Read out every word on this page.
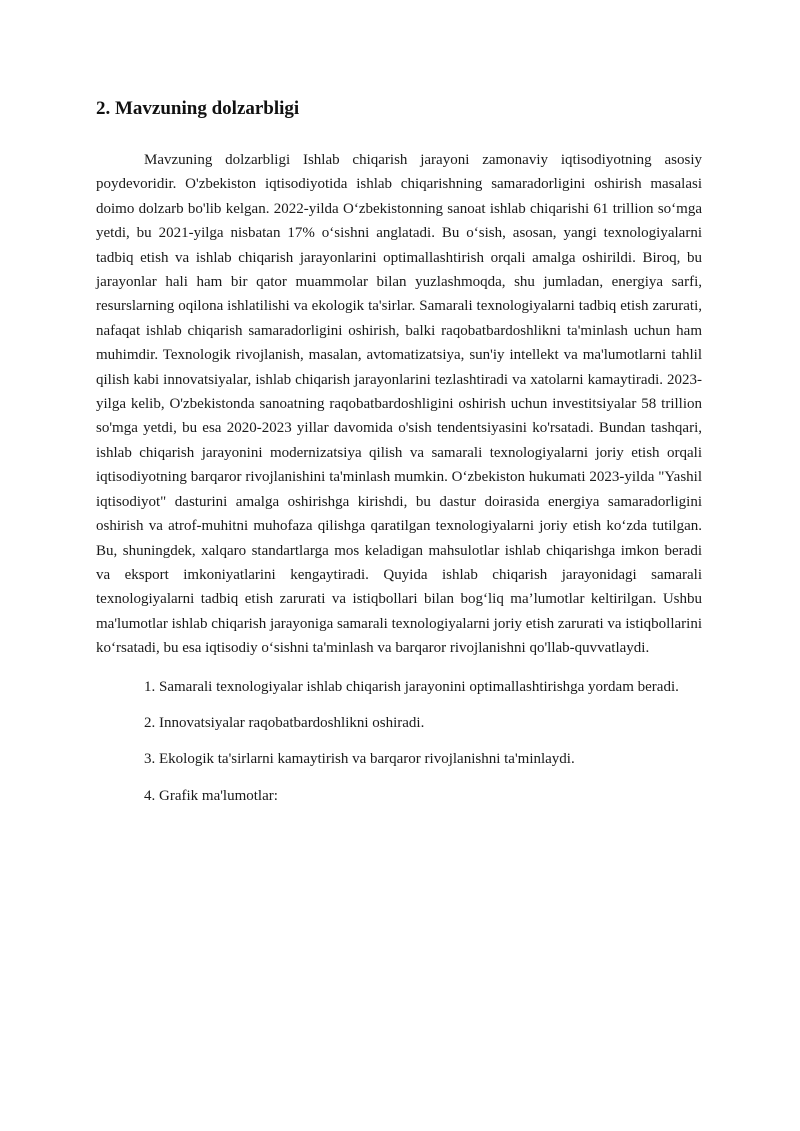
2. Mavzuning dolzarbligi

Mavzuning dolzarbligi Ishlab chiqarish jarayoni zamonaviy iqtisodiyotning asosiy poydevoridir. O'zbekiston iqtisodiyotida ishlab chiqarishning samaradorligini oshirish masalasi doimo dolzarb bo'lib kelgan. 2022-yilda O‘zbekistonning sanoat ishlab chiqarishi 61 trillion so‘mga yetdi, bu 2021-yilga nisbatan 17% o‘sishni anglatadi. Bu o‘sish, asosan, yangi texnologiyalarni tadbiq etish va ishlab chiqarish jarayonlarini optimallashtirish orqali amalga oshirildi. Biroq, bu jarayonlar hali ham bir qator muammolar bilan yuzlashmoqda, shu jumladan, energiya sarfi, resurslarning oqilona ishlatilishi va ekologik ta'sirlar. Samarali texnologiyalarni tadbiq etish zarurati, nafaqat ishlab chiqarish samaradorligini oshirish, balki raqobatbardoshlikni ta'minlash uchun ham muhimdir. Texnologik rivojlanish, masalan, avtomatizatsiya, sun'iy intellekt va ma'lumotlarni tahlil qilish kabi innovatsiyalar, ishlab chiqarish jarayonlarini tezlashtiradi va xatolarni kamaytiradi. 2023-yilga kelib, O'zbekistonda sanoatning raqobatbardoshligini oshirish uchun investitsiyalar 58 trillion so'mga yetdi, bu esa 2020-2023 yillar davomida o'sish tendentsiyasini ko'rsatadi. Bundan tashqari, ishlab chiqarish jarayonini modernizatsiya qilish va samarali texnologiyalarni joriy etish orqali iqtisodiyotning barqaror rivojlanishini ta'minlash mumkin. O‘zbekiston hukumati 2023-yilda "Yashil iqtisodiyot" dasturini amalga oshirishga kirishdi, bu dastur doirasida energiya samaradorligini oshirish va atrof-muhitni muhofaza qilishga qaratilgan texnologiyalarni joriy etish ko‘zda tutilgan. Bu, shuningdek, xalqaro standartlarga mos keladigan mahsulotlar ishlab chiqarishga imkon beradi va eksport imkoniyatlarini kengaytiradi. Quyida ishlab chiqarish jarayonidagi samarali texnologiyalarni tadbiq etish zarurati va istiqbollari bilan bog‘liq ma’lumotlar keltirilgan. Ushbu ma'lumotlar ishlab chiqarish jarayoniga samarali texnologiyalarni joriy etish zarurati va istiqbollarini ko‘rsatadi, bu esa iqtisodiy o‘sishni ta'minlash va barqaror rivojlanishni qo'llab-quvvatlaydi.

1. Samarali texnologiyalar ishlab chiqarish jarayonini optimallashtirishga yordam beradi.

2. Innovatsiyalar raqobatbardoshlikni oshiradi.

3. Ekologik ta'sirlarni kamaytirish va barqaror rivojlanishni ta'minlaydi.

4. Grafik ma'lumotlar:
